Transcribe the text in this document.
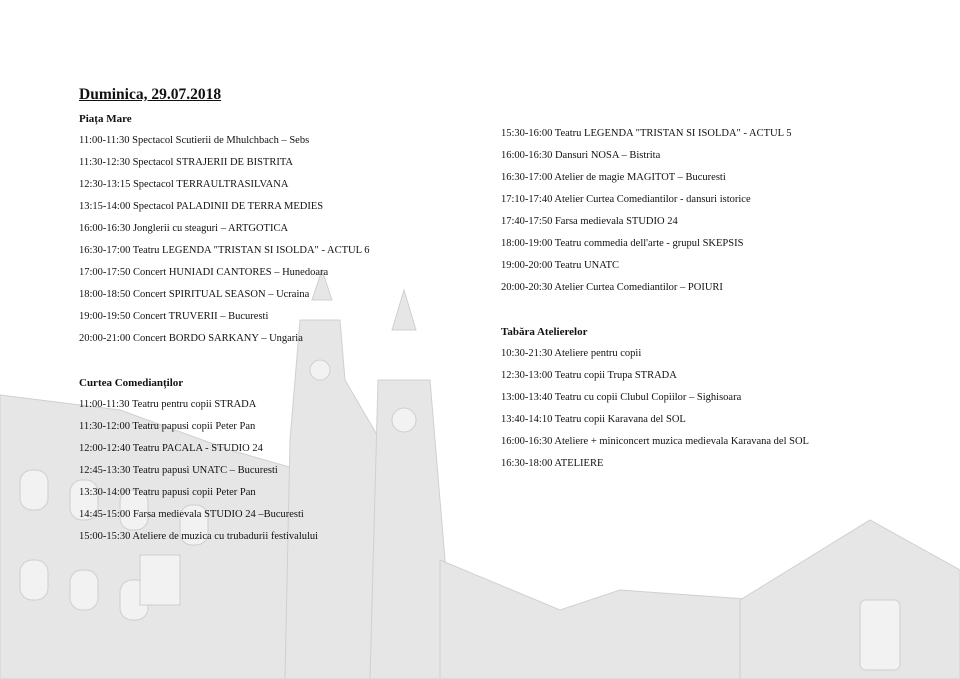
Duminica, 29.07.2018
Piața Mare
11:00-11:30 Spectacol Scutierii de Mhulchbach – Sebs
11:30-12:30 Spectacol STRAJERII DE BISTRITA
12:30-13:15 Spectacol TERRAULTRASILVANA
13:15-14:00 Spectacol PALADINII DE TERRA MEDIES
16:00-16:30 Jonglerii cu steaguri – ARTGOTICA
16:30-17:00 Teatru LEGENDA "TRISTAN SI ISOLDA" - ACTUL 6
17:00-17:50 Concert HUNIADI CANTORES – Hunedoara
18:00-18:50 Concert SPIRITUAL SEASON – Ucraina
19:00-19:50 Concert TRUVERII – Bucuresti
20:00-21:00 Concert BORDO SARKANY – Ungaria
Curtea Comedianților
11:00-11:30 Teatru pentru copii STRADA
11:30-12:00 Teatru papusi copii Peter Pan
12:00-12:40 Teatru PACALA - STUDIO 24
12:45-13:30 Teatru papusi UNATC – Bucuresti
13:30-14:00 Teatru papusi copii Peter Pan
14:45-15:00 Farsa medievala STUDIO 24 –Bucuresti
15:00-15:30 Ateliere de muzica cu trubadurii festivalului
15:30-16:00 Teatru LEGENDA "TRISTAN SI ISOLDA" - ACTUL 5
16:00-16:30 Dansuri NOSA – Bistrita
16:30-17:00 Atelier de magie MAGITOT – Bucuresti
17:10-17:40 Atelier Curtea Comediantilor - dansuri istorice
17:40-17:50 Farsa medievala STUDIO 24
18:00-19:00 Teatru commedia dell'arte - grupul SKEPSIS
19:00-20:00 Teatru UNATC
20:00-20:30 Atelier Curtea Comediantilor – POIURI
Tabăra Atelierelor
10:30-21:30 Ateliere pentru copii
12:30-13:00 Teatru copii Trupa STRADA
13:00-13:40 Teatru cu copii Clubul Copiilor – Sighisoara
13:40-14:10 Teatru copii Karavana del SOL
16:00-16:30 Ateliere + miniconcert muzica medievala Karavana del SOL
16:30-18:00 ATELIERE
